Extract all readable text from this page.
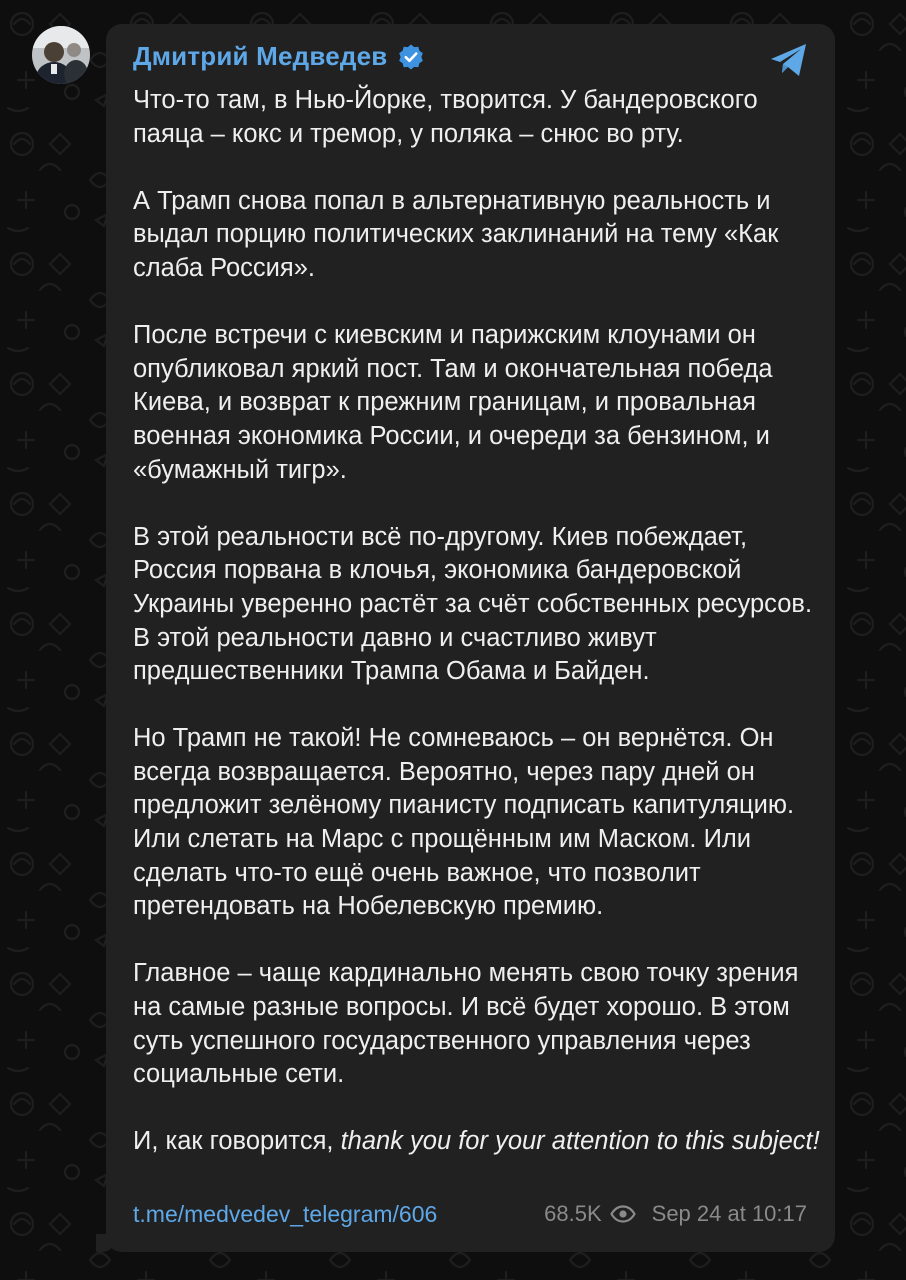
Дмитрий Медведев

Что-то там, в Нью-Йорке, творится. У бандеровского паяца – кокс и тремор, у поляка – снюс во рту.

А Трамп снова попал в альтернативную реальность и выдал порцию политических заклинаний на тему «Как слаба Россия».

После встречи с киевским и парижским клоунами он опубликовал яркий пост. Там и окончательная победа Киева, и возврат к прежним границам, и провальная военная экономика России, и очереди за бензином, и «бумажный тигр».

В этой реальности всё по-другому. Киев побеждает, Россия порвана в клочья, экономика бандеровской Украины уверенно растёт за счёт собственных ресурсов. В этой реальности давно и счастливо живут предшественники Трампа Обама и Байден.

Но Трамп не такой! Не сомневаюсь – он вернётся. Он всегда возвращается. Вероятно, через пару дней он предложит зелёному пианисту подписать капитуляцию. Или слетать на Марс с прощённым им Маском. Или сделать что-то ещё очень важное, что позволит претендовать на Нобелевскую премию.

Главное – чаще кардинально менять свою точку зрения на самые разные вопросы. И всё будет хорошо. В этом суть успешного государственного управления через социальные сети.

И, как говорится, thank you for your attention to this subject!

t.me/medvedev_telegram/606	68.5K Sep 24 at 10:17
